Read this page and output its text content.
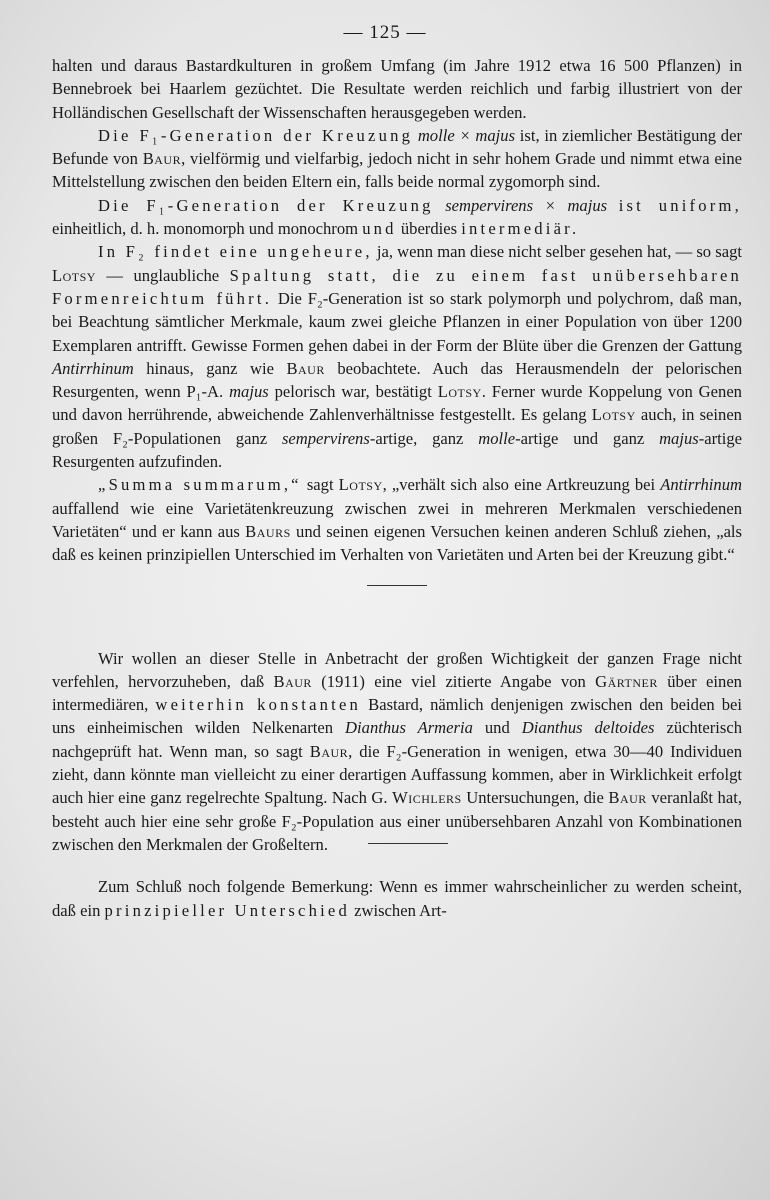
— 125 —

halten und daraus Bastardkulturen in großem Umfang (im Jahre 1912 etwa 16 500 Pflanzen) in Bennebroek bei Haarlem gezüchtet. Die Resultate werden reichlich und farbig illustriert von der Holländischen Gesellschaft der Wissenschaften herausgegeben werden.

Die F₁-Generation der Kreuzung molle × majus ist, in ziemlicher Bestätigung der Befunde von Baur, vielförmig und vielfarbig, jedoch nicht in sehr hohem Grade und nimmt etwa eine Mittelstellung zwischen den beiden Eltern ein, falls beide normal zygomorph sind.

Die F₁-Generation der Kreuzung sempervirens × majus ist uniform, einheitlich, d. h. monomorph und monochrom und überdies intermediär.

In F₂ findet eine ungeheure, ja, wenn man diese nicht selber gesehen hat, — so sagt Lotsy — unglaubliche Spaltung statt, die zu einem fast unübersehbaren Formenreichtum führt. Die F₂-Generation ist so stark polymorph und polychrom, daß man, bei Beachtung sämtlicher Merkmale, kaum zwei gleiche Pflanzen in einer Population von über 1200 Exemplaren antrifft. Gewisse Formen gehen dabei in der Form der Blüte über die Grenzen der Gattung Antirrhinum hinaus, ganz wie Baur beobachtete. Auch das Herausmendeln der pelorischen Resurgenten, wenn P₁-A. majus pelorisch war, bestätigt Lotsy. Ferner wurde Koppelung von Genen und davon herrührende, abweichende Zahlenverhältnisse festgestellt. Es gelang Lotsy auch, in seinen großen F₂-Populationen ganz sempervirens-artige, ganz molle-artige und ganz majus-artige Resurgenten aufzufinden.

„Summa summarum,“ sagt Lotsy, „verhält sich also eine Artkreuzung bei Antirrhinum auffallend wie eine Varietätenkreuzung zwischen zwei in mehreren Merkmalen verschiedenen Varietäten“ und er kann aus Baurs und seinen eigenen Versuchen keinen anderen Schluß ziehen, „als daß es keinen prinzipiellen Unterschied im Verhalten von Varietäten und Arten bei der Kreuzung gibt.“

Wir wollen an dieser Stelle in Anbetracht der großen Wichtigkeit der ganzen Frage nicht verfehlen, hervorzuheben, daß Baur (1911) eine viel zitierte Angabe von Gärtner über einen intermediären, weiterhin konstanten Bastard, nämlich denjenigen zwischen den beiden bei uns einheimischen wilden Nelkenarten Dianthus Armeria und Dianthus deltoides züchterisch nachgeprüft hat. Wenn man, so sagt Baur, die F₂-Generation in wenigen, etwa 30—40 Individuen zieht, dann könnte man vielleicht zu einer derartigen Auffassung kommen, aber in Wirklichkeit erfolgt auch hier eine ganz regelrechte Spaltung. Nach G. Wichlers Untersuchungen, die Baur veranlaßt hat, besteht auch hier eine sehr große F₂-Population aus einer unübersehbaren Anzahl von Kombinationen zwischen den Merkmalen der Großeltern.

Zum Schluß noch folgende Bemerkung: Wenn es immer wahrscheinlicher zu werden scheint, daß ein prinzipieller Unterschied zwischen Art-
